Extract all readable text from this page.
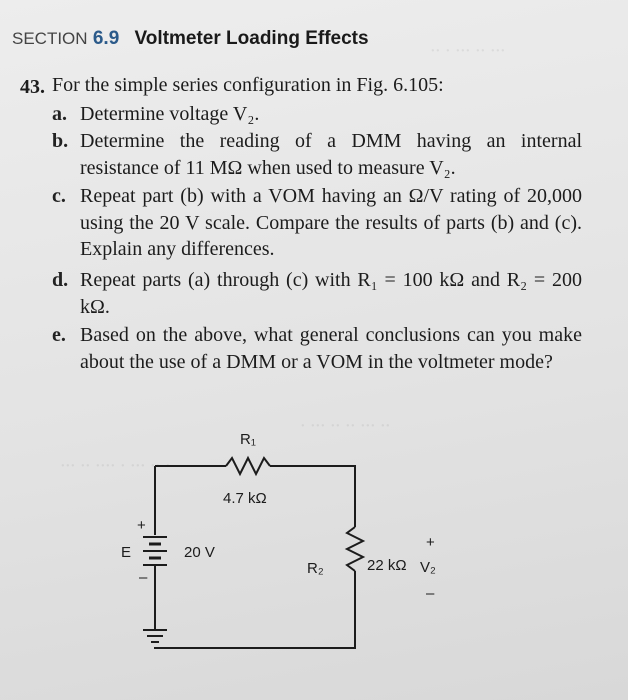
·· · ··· ·· ···
· ··· ·· ·· ··· ··
··· ·· ···· · ··· ·· ·
SECTION 6.9 Voltmeter Loading Effects
43. For the simple series configuration in Fig. 6.105:
a. Determine voltage V₂.
b. Determine the reading of a DMM having an internal resistance of 11 MΩ when used to measure V₂.
c. Repeat part (b) with a VOM having an Ω/V rating of 20,000 using the 20 V scale. Compare the results of parts (b) and (c). Explain any differences.
d. Repeat parts (a) through (c) with R₁ = 100 kΩ and R₂ = 200 kΩ.
e. Based on the above, what general conclusions can you make about the use of a DMM or a VOM in the voltmeter mode?
R₁
4.7 kΩ
+
E	20 V
–
R₂	22 kΩ
+
V₂
–
